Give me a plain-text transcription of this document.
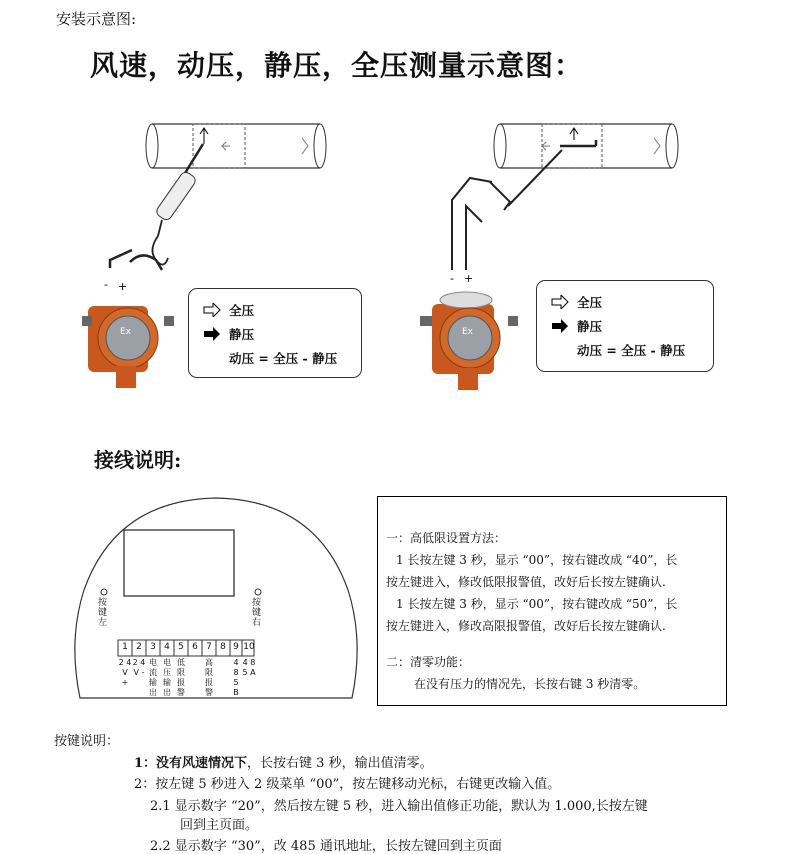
安装示意图:
风速，动压，静压，全压测量示意图：
- +
Ex
全压
静压
动压 = 全压 - 静压
- +
Ex
全压
静压
动压 = 全压 - 静压
接线说明:
按键左
按键右
1 2 3 4 5 6 7 8 9 10
2 4 V +
2 4 V -
电 流 输 出
电 压 输 出
低 限 报 警
高 限 报 警
4 8 5 B
4 8 5 A

一：高低限设置方法：

1 长按左键 3 秒，显示 “00”，按右键改成 “40”，长

按左键进入，修改低限报警值，改好后长按左键确认.

1 长按左键 3 秒，显示 “00”，按右键改成 “50”，长

按左键进入，修改高限报警值，改好后长按左键确认.

二：清零功能：

在没有压力的情况先，长按右键 3 秒清零。

按键说明：

1：没有风速情况下，长按右键 3 秒，输出值清零。

2：按左键 5 秒进入 2 级菜单 “00”，按左键移动光标，右键更改输入值。

2.1 显示数字 “20”，然后按左键 5 秒，进入输出值修正功能，默认为 1.000,长按左键

回到主页面。

2.2 显示数字 “30”，改 485 通讯地址，长按左键回到主页面
